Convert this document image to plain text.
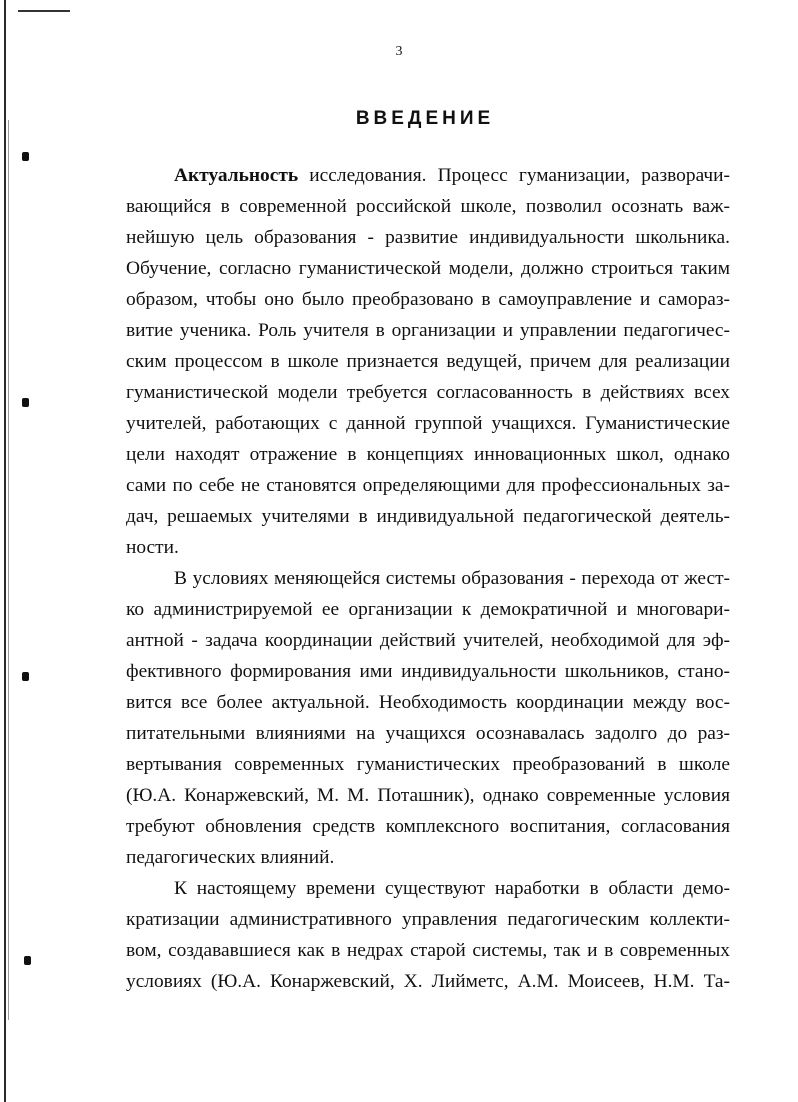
3
ВВЕДЕНИЕ
Актуальность исследования. Процесс гуманизации, разворачи-
вающийся в современной российской школе, позволил осознать важ-
нейшую цель образования - развитие индивидуальности школьника.
Обучение, согласно гуманистической модели, должно строиться таким
образом, чтобы оно было преобразовано в самоуправление и самораз-
витие ученика. Роль учителя в организации и управлении педагогичес-
ским процессом в школе признается ведущей, причем для реализации
гуманистической модели требуется согласованность в действиях всех
учителей, работающих с данной группой учащихся. Гуманистические
цели находят отражение в концепциях инновационных школ, однако
сами по себе не становятся определяющими для профессиональных за-
дач, решаемых учителями в индивидуальной педагогической деятель-
ности.
В условиях меняющейся системы образования - перехода от жест-
ко администрируемой ее организации к демократичной и многовари-
антной - задача координации действий учителей, необходимой для эф-
фективного формирования ими индивидуальности школьников, стано-
вится все более актуальной. Необходимость координации между вос-
питательными влияниями на учащихся осознавалась задолго до раз-
вертывания современных гуманистических преобразований в школе
(Ю.А. Конаржевский, М. М. Поташник), однако современные условия
требуют обновления средств комплексного воспитания, согласования
педагогических влияний.
К настоящему времени существуют наработки в области демо-
кратизации административного управления педагогическим коллекти-
вом, создававшиеся как в недрах старой системы, так и в современных
условиях (Ю.А. Конаржевский, Х. Лийметс, А.М. Моисеев, Н.М. Та-
